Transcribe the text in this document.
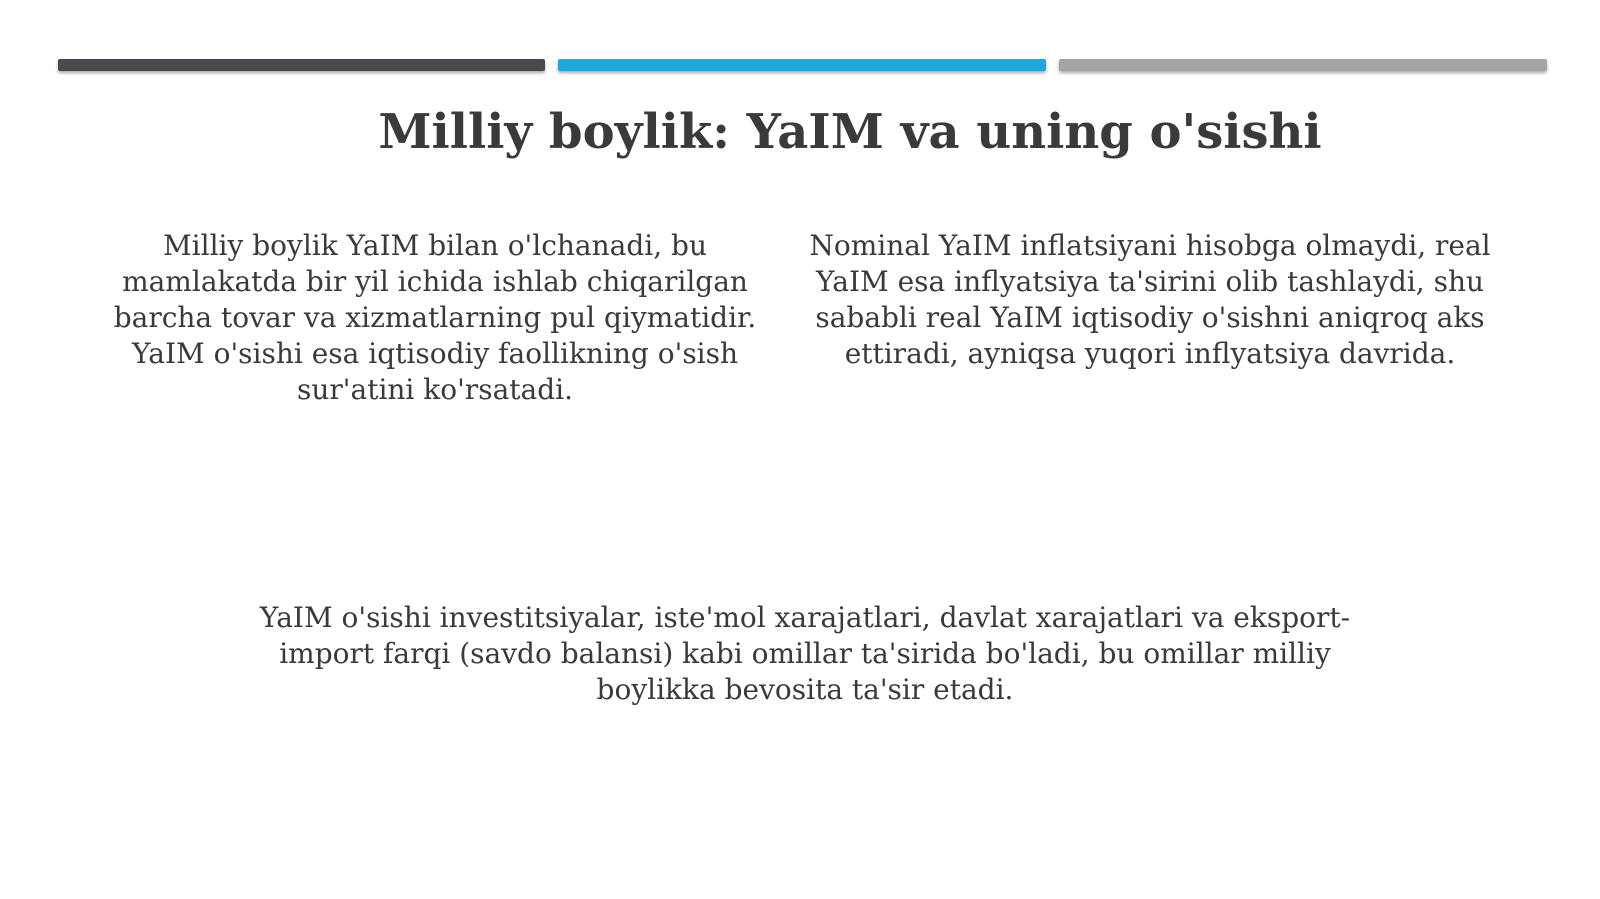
Milliy boylik: YaIM va uning o'sishi
Milliy boylik YaIM bilan o'lchanadi, bu mamlakatda bir yil ichida ishlab chiqarilgan barcha tovar va xizmatlarning pul qiymatidir. YaIM o'sishi esa iqtisodiy faollikning o'sish sur'atini ko'rsatadi.
Nominal YaIM inflatsiyani hisobga olmaydi, real YaIM esa inflyatsiya ta'sirini olib tashlaydi, shu sababli real YaIM iqtisodiy o'sishni aniqroq aks ettiradi, ayniqsa yuqori inflyatsiya davrida.
YaIM o'sishi investitsiyalar, iste'mol xarajatlari, davlat xarajatlari va eksport-import farqi (savdo balansi) kabi omillar ta'sirida bo'ladi, bu omillar milliy boylikka bevosita ta'sir etadi.
